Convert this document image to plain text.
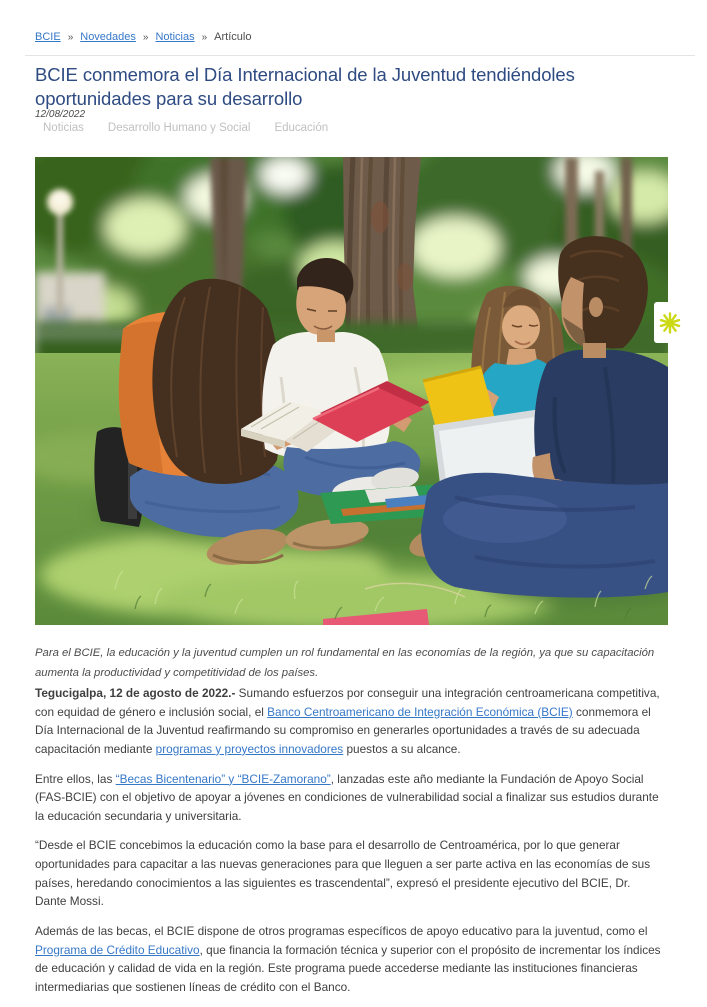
BCIE » Novedades » Noticias » Artículo
BCIE conmemora el Día Internacional de la Juventud tendiéndoles oportunidades para su desarrollo
12/08/2022
Noticias Desarrollo Humano y Social Educación
Para el BCIE, la educación y la juventud cumplen un rol fundamental en las economías de la región, ya que su capacitación aumenta la productividad y competitividad de los países.

Tegucigalpa, 12 de agosto de 2022.- Sumando esfuerzos por conseguir una integración centroamericana competitiva, con equidad de género e inclusión social, el Banco Centroamericano de Integración Económica (BCIE) conmemora el Día Internacional de la Juventud reafirmando su compromiso en generarles oportunidades a través de su adecuada capacitación mediante programas y proyectos innovadores puestos a su alcance.

Entre ellos, las “Becas Bicentenario” y “BCIE-Zamorano”, lanzadas este año mediante la Fundación de Apoyo Social (FAS-BCIE) con el objetivo de apoyar a jóvenes en condiciones de vulnerabilidad social a finalizar sus estudios durante la educación secundaria y universitaria.

“Desde el BCIE concebimos la educación como la base para el desarrollo de Centroamérica, por lo que generar oportunidades para capacitar a las nuevas generaciones para que lleguen a ser parte activa en las economías de sus países, heredando conocimientos a las siguientes es trascendental”, expresó el presidente ejecutivo del BCIE, Dr. Dante Mossi.

Además de las becas, el BCIE dispone de otros programas específicos de apoyo educativo para la juventud, como el Programa de Crédito Educativo, que financia la formación técnica y superior con el propósito de incrementar los índices de educación y calidad de vida en la región. Este programa puede accederse mediante las instituciones financieras intermediarias que sostienen líneas de crédito con el Banco.
